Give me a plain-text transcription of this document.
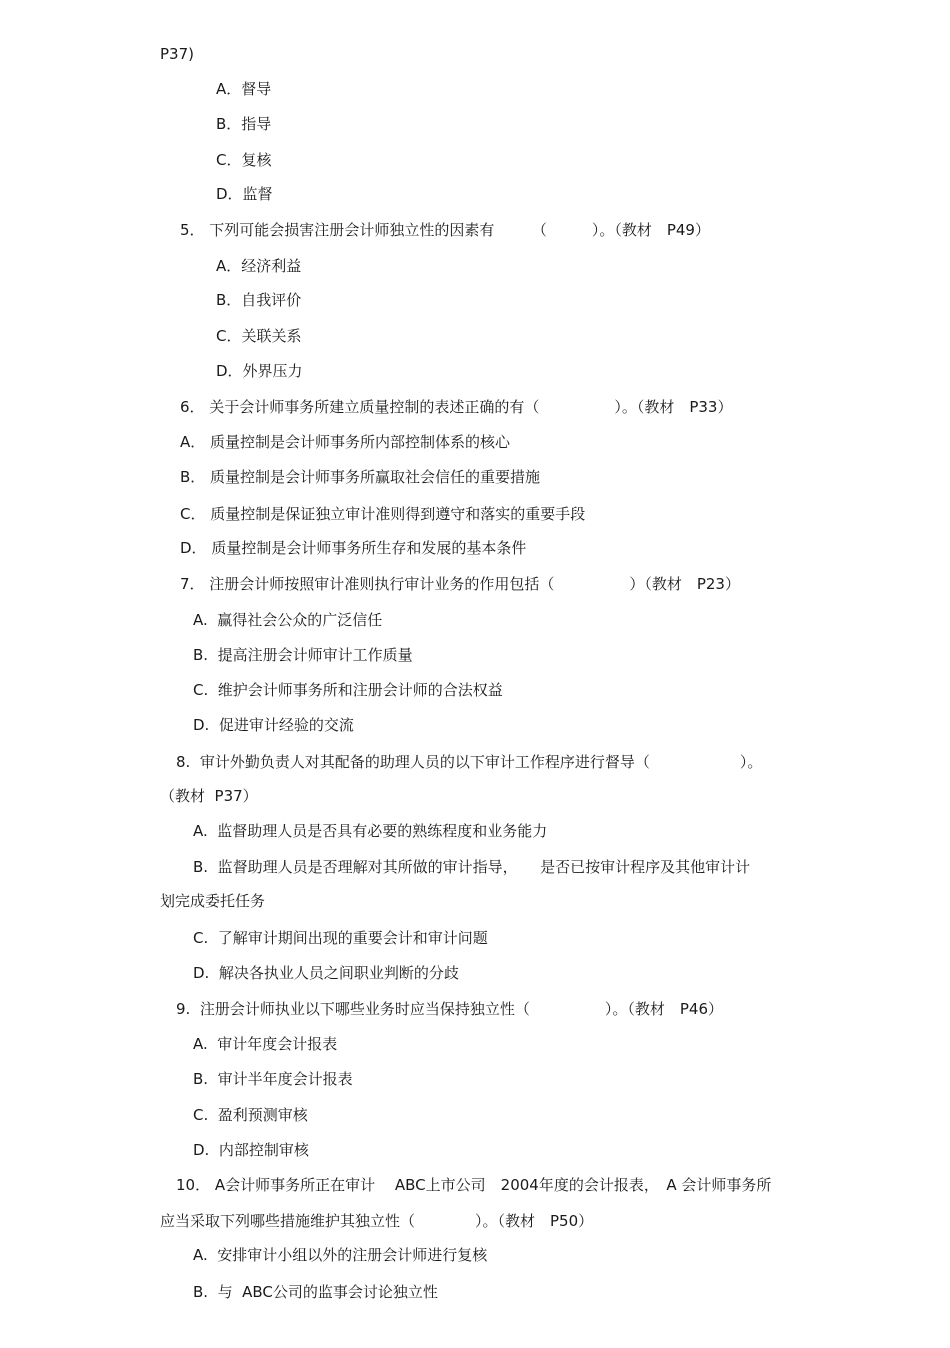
P37)
A．督导
B．指导
C．复核
D．监督
5． 下列可能会损害注册会计师独立性的因素有　　　（　　　）。（教材　P49）
A．经济利益
B．自我评价
C．关联关系
D．外界压力
6． 关于会计师事务所建立质量控制的表述正确的有（　　　　　）。（教材　P33）
A． 质量控制是会计师事务所内部控制体系的核心
B． 质量控制是会计师事务所赢取社会信任的重要措施
C． 质量控制是保证独立审计准则得到遵守和落实的重要手段
D． 质量控制是会计师事务所生存和发展的基本条件
7． 注册会计师按照审计准则执行审计业务的作用包括（　　　　　）（教材　P23）
A.  赢得社会公众的广泛信任
B.  提高注册会计师审计工作质量
C.  维护会计师事务所和注册会计师的合法权益
D.  促进审计经验的交流
8.  审计外勤负责人对其配备的助理人员的以下审计工作程序进行督导（　　　　　　）。
（教材  P37）
A.  监督助理人员是否具有必要的熟练程度和业务能力
B.  监督助理人员是否理解对其所做的审计指导，　　是否已按审计程序及其他审计计
划完成委托任务
C.  了解审计期间出现的重要会计和审计问题
D.  解决各执业人员之间职业判断的分歧
9.  注册会计师执业以下哪些业务时应当保持独立性（　　　　　）。（教材　P46）
A.  审计年度会计报表
B.  审计半年度会计报表
C.  盈利预测审核
D.  内部控制审核
10． A会计师事务所正在审计　 ABC上市公司　2004年度的会计报表，　A 会计师事务所
应当采取下列哪些措施维护其独立性（　　　　）。（教材　P50）
A.  安排审计小组以外的注册会计师进行复核
B.  与  ABC公司的监事会讨论独立性
